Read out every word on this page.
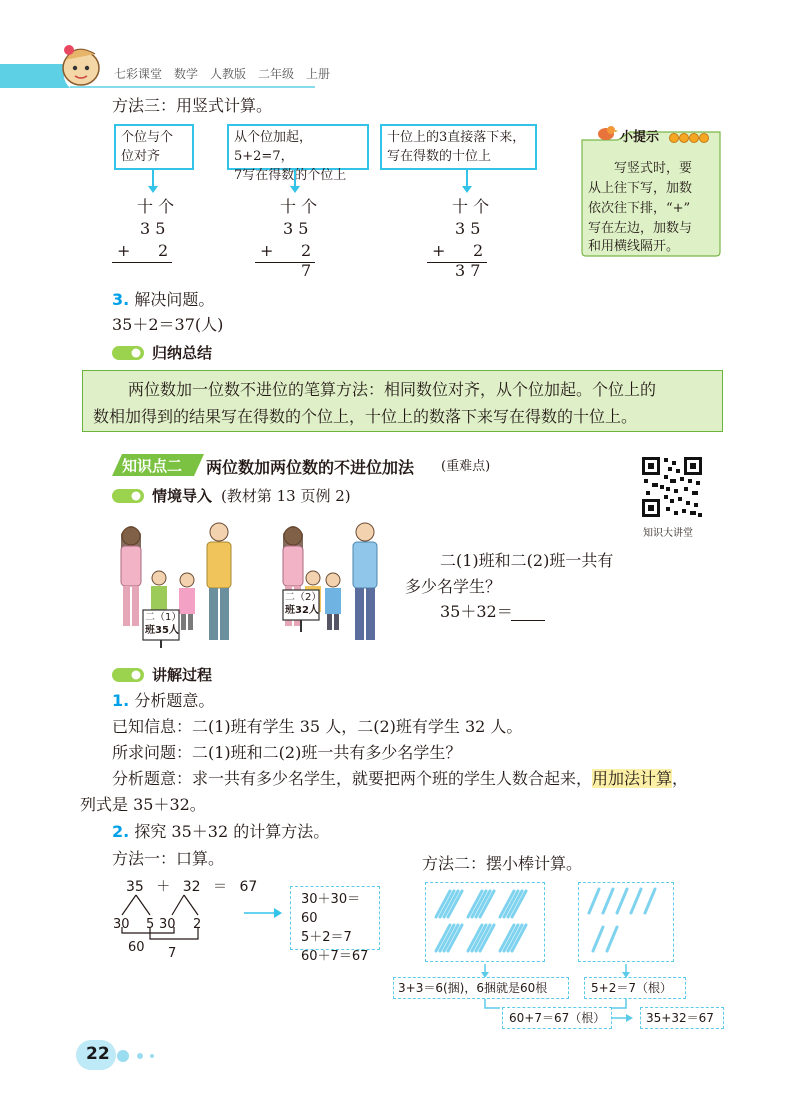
七彩课堂　数学　人教版　二年级　上册
方法三：用竖式计算。
个位与个
位对齐
从个位加起，5+2=7，
7写在得数的个位上
十位上的3直接落下来，
写在得数的十位上
十 个
3 5
+ 2
十 个
3 5
+ 2
7
十 个
3 5
+ 2
3 7
小提示
写竖式时，要
从上往下写，加数
依次往下排，“+”
写在左边，加数与
和用横线隔开。
3. 解决问题。
35＋2＝37(人)
归纳总结
两位数加一位数不进位的笔算方法：相同数位对齐，从个位加起。个位上的
数相加得到的结果写在得数的个位上，十位上的数落下来写在得数的十位上。
知识点二 两位数加两位数的不进位加法 (重难点)
知识大讲堂
情境导入 (教材第 13 页例 2)
二（1）
班35人
二（2）
班32人
二(1)班和二(2)班一共有
多少名学生？
35＋32＝
讲解过程
1. 分析题意。
已知信息：二(1)班有学生 35 人，二(2)班有学生 32 人。
所求问题：二(1)班和二(2)班一共有多少名学生？
分析题意：求一共有多少名学生，就要把两个班的学生人数合起来，用加法计算，
列式是 35＋32。
2. 探究 35＋32 的计算方法。
方法一：口算。
35 ＋ 32 ＝ 67
30 5 30 2
60 7
30＋30＝60
5＋2＝7
60＋7＝67
方法二：摆小棒计算。
3+3＝6(捆)，6捆就是60根	5+2＝7（根）
60+7＝67（根）	35+32＝67
22
